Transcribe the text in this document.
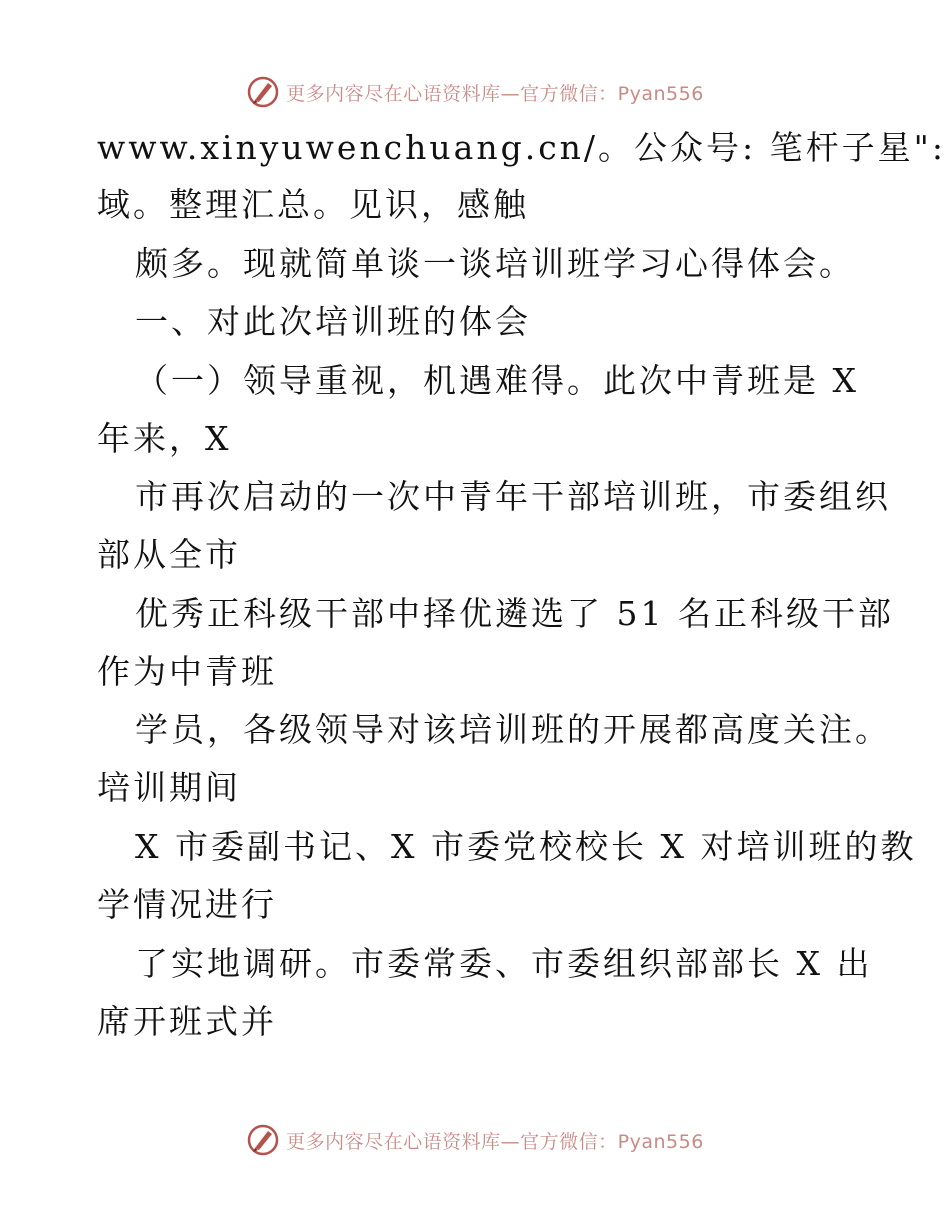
更多内容尽在心语资料库—官方微信：Pyan556
www.xinyuwenchuang.cn/。公众号: 笔杆子星":
域。整理汇总。见识，感触
颇多。现就简单谈一谈培训班学习心得体会。
一、对此次培训班的体会
（一）领导重视，机遇难得。此次中青班是 X
年来，X
市再次启动的一次中青年干部培训班，市委组织
部从全市
优秀正科级干部中择优遴选了 51 名正科级干部
作为中青班
学员，各级领导对该培训班的开展都高度关注。
培训期间
X 市委副书记、X 市委党校校长 X 对培训班的教
学情况进行
了实地调研。市委常委、市委组织部部长 X 出
席开班式并
更多内容尽在心语资料库—官方微信：Pyan556
